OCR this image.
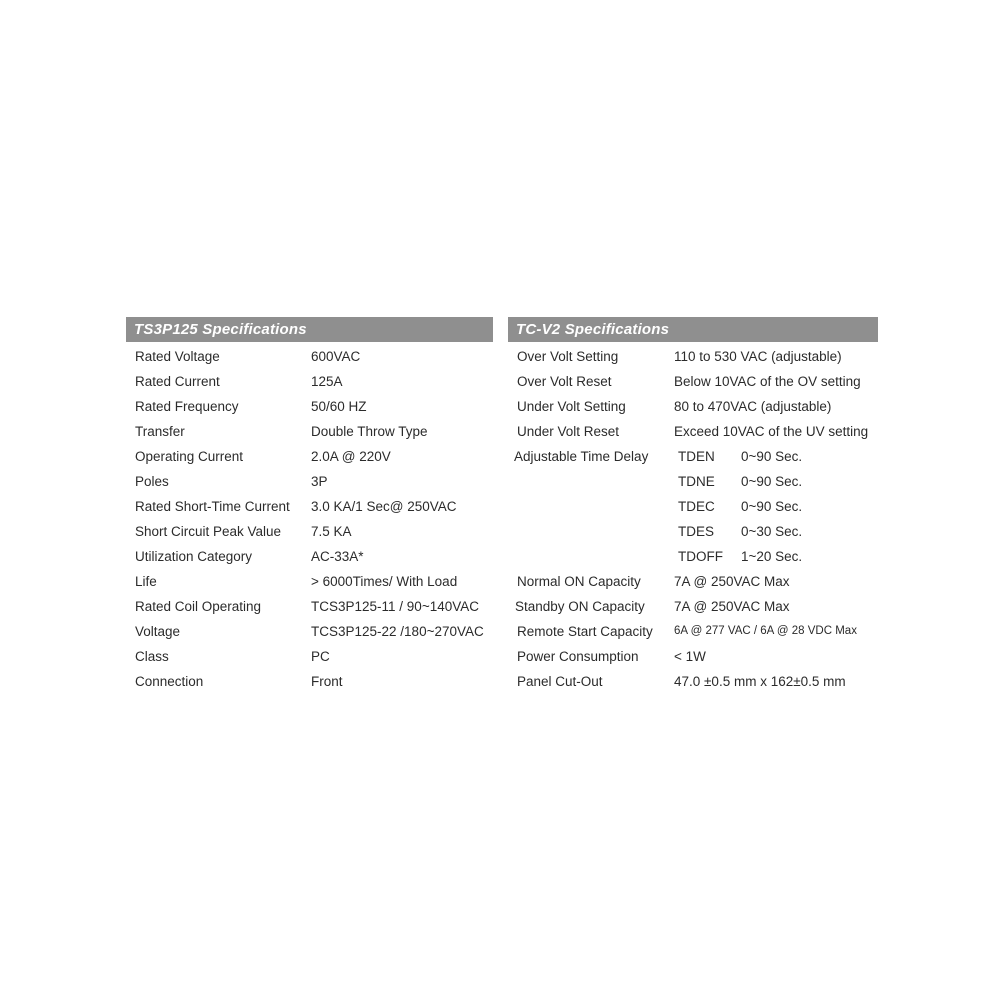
TS3P125 Specifications
Rated Voltage	600VAC
Rated Current	125A
Rated Frequency	50/60 HZ
Transfer	Double Throw Type
Operating Current	2.0A @ 220V
Poles	3P
Rated Short-Time Current 3.0 KA/1 Sec@ 250VAC
Short Circuit Peak Value 7.5 KA
Utilization Category	AC-33A*
Life	> 6000Times/ With Load
Rated Coil Operating	TCS3P125-11 / 90~140VAC
Voltage	TCS3P125-22 /180~270VAC
Class	PC
Connection	Front
TC-V2 Specifications
Over Volt Setting	110 to 530 VAC (adjustable)
Over Volt Reset	Below 10VAC of the OV setting
Under Volt Setting	80 to 470VAC (adjustable)
Under Volt Reset	Exceed 10VAC of the UV setting
Adjustable Time Delay TDEN 0~90 Sec.
TDNE 0~90 Sec.
TDEC 0~90 Sec.
TDES 0~30 Sec.
TDOFF 1~20 Sec.
Normal ON Capacity 7A @ 250VAC Max
Standby ON Capacity 7A @ 250VAC Max
Remote Start Capacity 6A @ 277 VAC / 6A @ 28 VDC Max
Power Consumption	< 1W
Panel Cut-Out	47.0 ±0.5 mm x 162±0.5 mm
